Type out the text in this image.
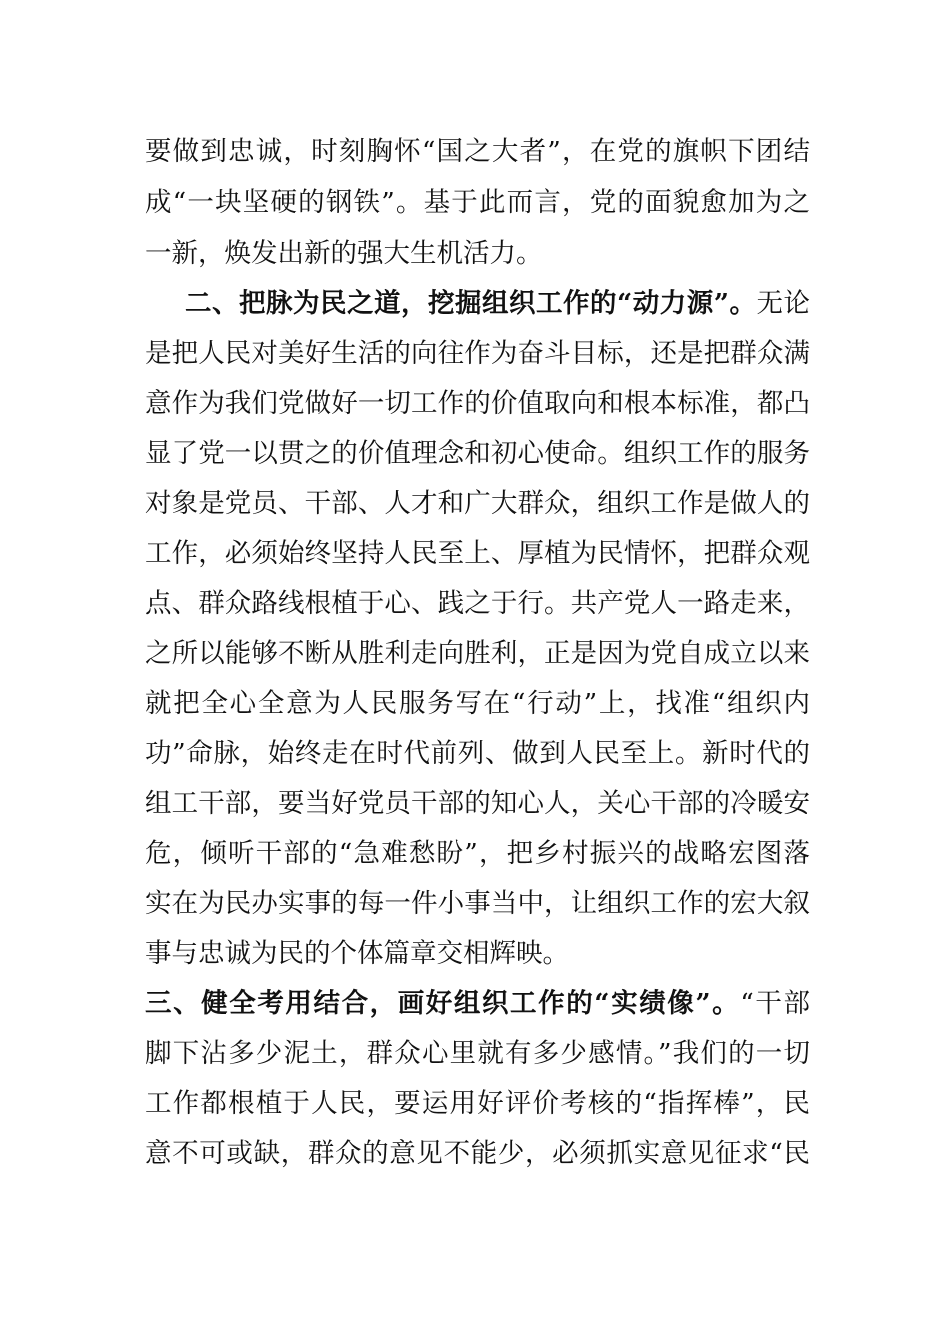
要做到忠诚，时刻胸怀“国之大者”，在党的旗帜下团结
成“一块坚硬的钢铁”。基于此而言，党的面貌愈加为之
一新，焕发出新的强大生机活力。
二、把脉为民之道，挖掘组织工作的“动力源”。无论
是把人民对美好生活的向往作为奋斗目标，还是把群众满
意作为我们党做好一切工作的价值取向和根本标准，都凸
显了党一以贯之的价值理念和初心使命。组织工作的服务
对象是党员、干部、人才和广大群众，组织工作是做人的
工作，必须始终坚持人民至上、厚植为民情怀，把群众观
点、群众路线根植于心、践之于行。共产党人一路走来，
之所以能够不断从胜利走向胜利，正是因为党自成立以来
就把全心全意为人民服务写在“行动”上，找准“组织内
功”命脉，始终走在时代前列、做到人民至上。新时代的
组工干部，要当好党员干部的知心人，关心干部的冷暖安
危，倾听干部的“急难愁盼”，把乡村振兴的战略宏图落
实在为民办实事的每一件小事当中，让组织工作的宏大叙
事与忠诚为民的个体篇章交相辉映。
三、健全考用结合，画好组织工作的“实绩像”。“干部
脚下沾多少泥土，群众心里就有多少感情。”我们的一切
工作都根植于人民，要运用好评价考核的“指挥棒”，民
意不可或缺，群众的意见不能少，必须抓实意见征求“民
